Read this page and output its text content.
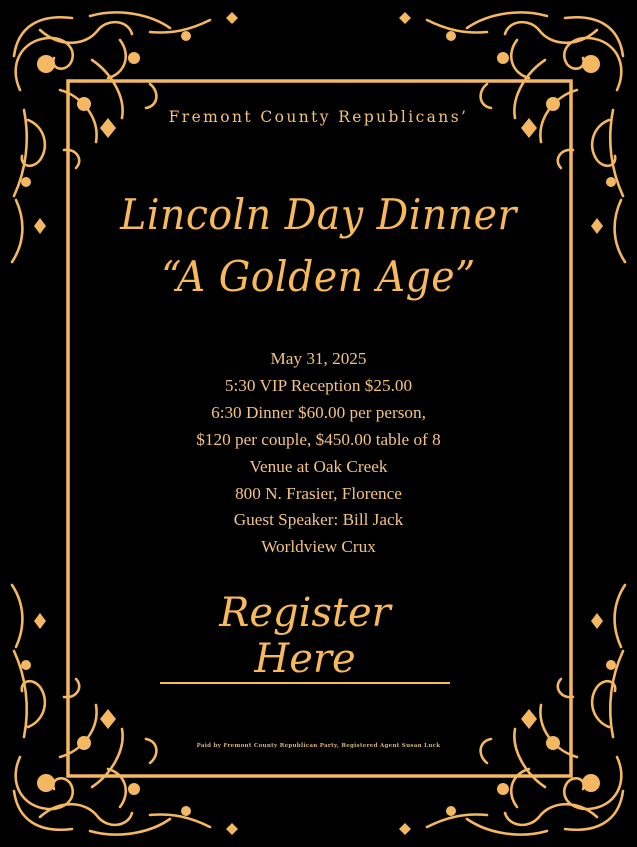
Fremont County Republicans’
Lincoln Day Dinner
“A Golden Age”
May 31, 2025
5:30 VIP Reception $25.00
6:30 Dinner $60.00 per person,
$120 per couple, $450.00 table of 8
Venue at Oak Creek
800 N. Frasier, Florence
Guest Speaker: Bill Jack
Worldview Crux
Register Here
Paid by Fremont County Republican Party, Registered Agent Susan Luck
